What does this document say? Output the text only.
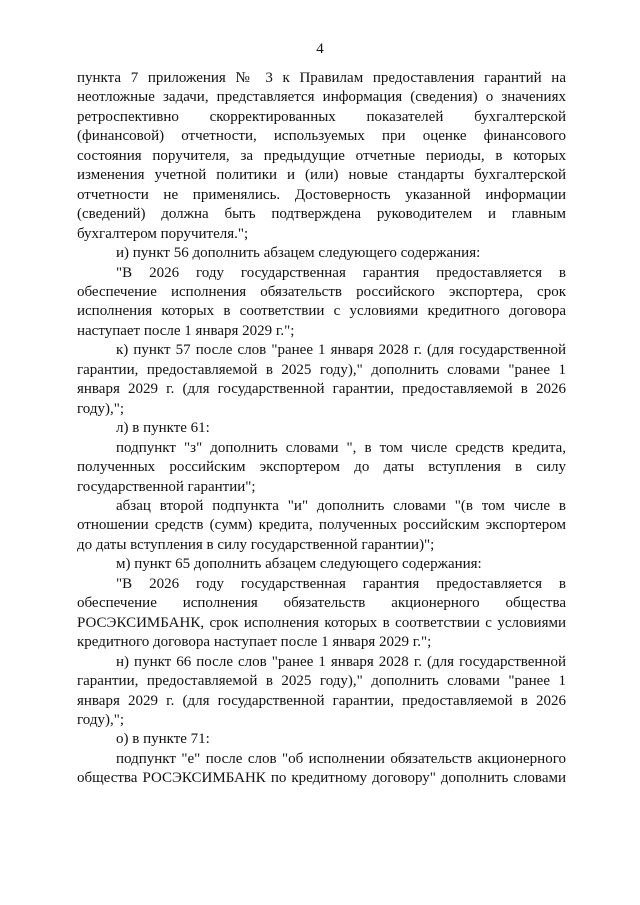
4

пункта 7 приложения № 3 к Правилам предоставления гарантий на неотложные задачи, представляется информация (сведения) о значениях ретроспективно скорректированных показателей бухгалтерской (финансовой) отчетности, используемых при оценке финансового состояния поручителя, за предыдущие отчетные периоды, в которых изменения учетной политики и (или) новые стандарты бухгалтерской отчетности не применялись. Достоверность указанной информации (сведений) должна быть подтверждена руководителем и главным бухгалтером поручителя.";

и) пункт 56 дополнить абзацем следующего содержания:

"В 2026 году государственная гарантия предоставляется в обеспечение исполнения обязательств российского экспортера, срок исполнения которых в соответствии с условиями кредитного договора наступает после 1 января 2029 г.";

к) пункт 57 после слов "ранее 1 января 2028 г. (для государственной гарантии, предоставляемой в 2025 году)," дополнить словами "ранее 1 января 2029 г. (для государственной гарантии, предоставляемой в 2026 году),";

л) в пункте 61:

подпункт "з" дополнить словами ", в том числе средств кредита, полученных российским экспортером до даты вступления в силу государственной гарантии";

абзац второй подпункта "и" дополнить словами "(в том числе в отношении средств (сумм) кредита, полученных российским экспортером до даты вступления в силу государственной гарантии)";

м) пункт 65 дополнить абзацем следующего содержания:

"В 2026 году государственная гарантия предоставляется в обеспечение исполнения обязательств акционерного общества РОСЭКСИМБАНК, срок исполнения которых в соответствии с условиями кредитного договора наступает после 1 января 2029 г.";

н) пункт 66 после слов "ранее 1 января 2028 г. (для государственной гарантии, предоставляемой в 2025 году)," дополнить словами "ранее 1 января 2029 г. (для государственной гарантии, предоставляемой в 2026 году),";

о) в пункте 71:

подпункт "е" после слов "об исполнении обязательств акционерного общества РОСЭКСИМБАНК по кредитному договору" дополнить словами
